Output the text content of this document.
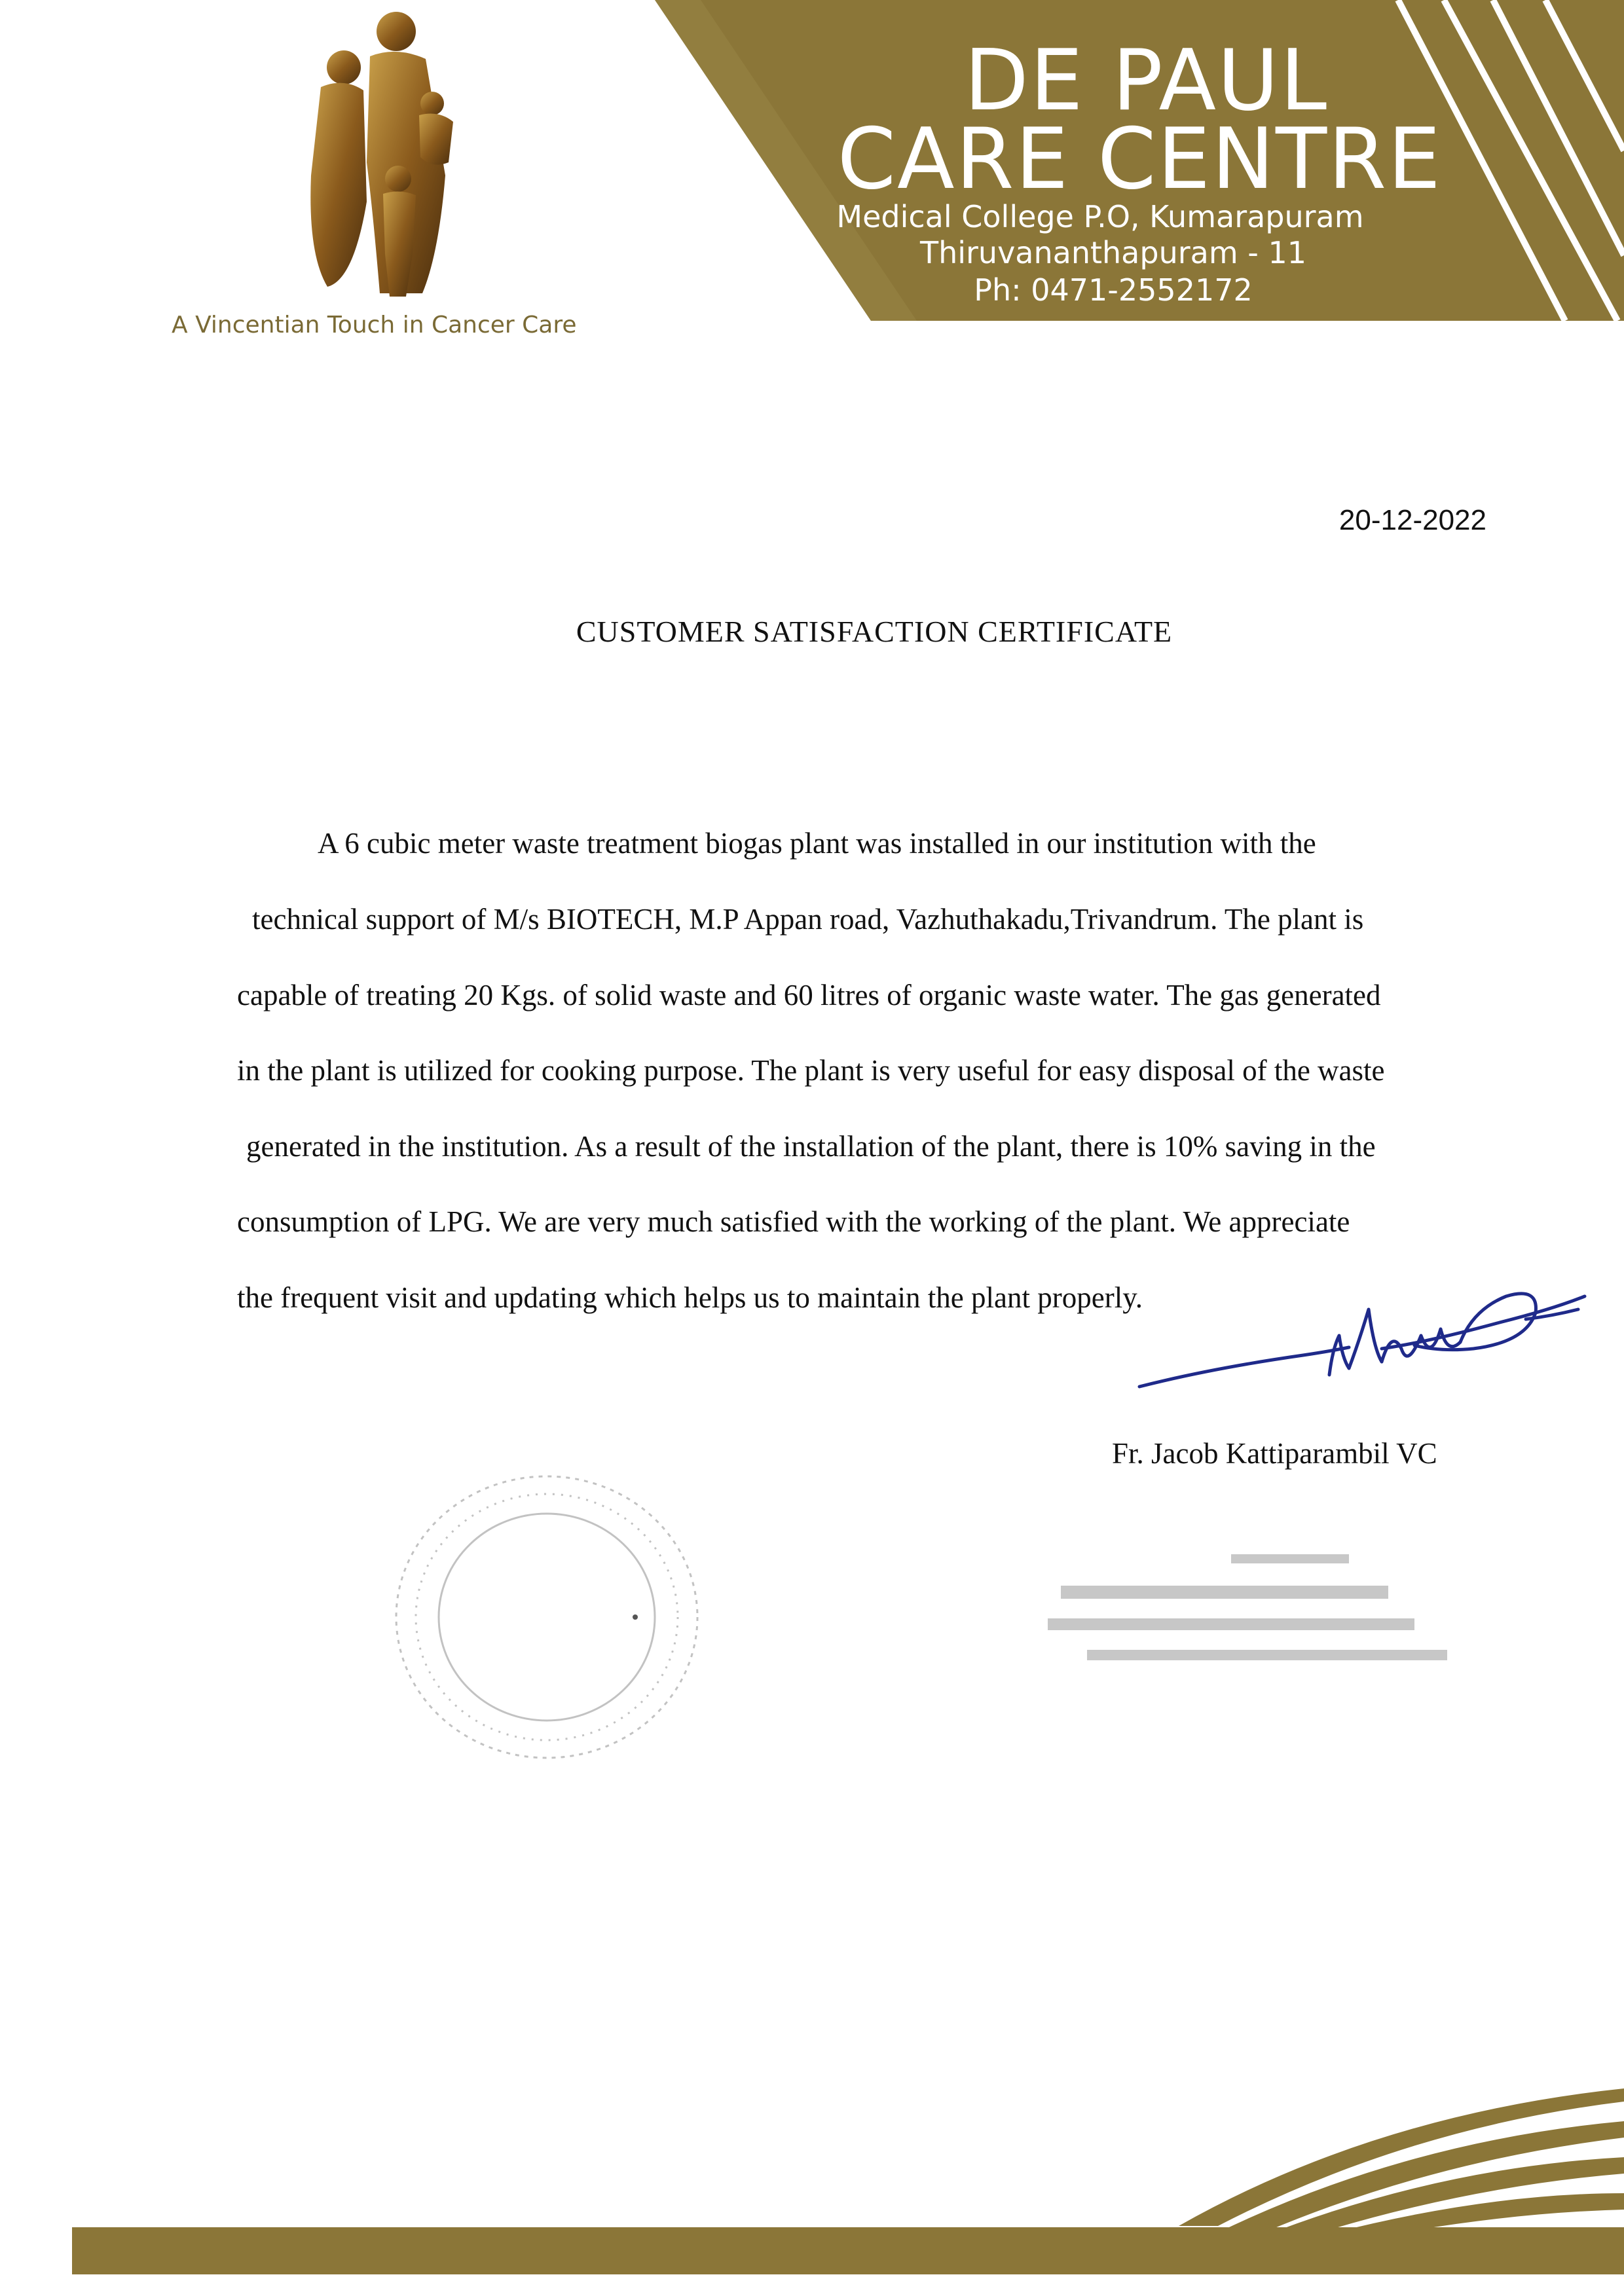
DE PAUL
CARE CENTRE
Medical College P.O, Kumarapuram
Thiruvananthapuram - 11
Ph: 0471-2552172
A Vincentian Touch in Cancer Care
20-12-2022
CUSTOMER SATISFACTION CERTIFICATE
A 6 cubic meter waste treatment biogas plant was installed in our institution with the
technical support of M/s BIOTECH, M.P Appan road, Vazhuthakadu,Trivandrum. The plant is
capable of treating 20 Kgs. of solid waste and 60 litres of organic waste water. The gas generated
in the plant is utilized for cooking purpose. The plant is very useful for easy disposal of the waste
generated in the institution. As a result of the installation of the plant, there is 10% saving in the
consumption of LPG. We are very much satisfied with the working of the plant. We appreciate
the frequent visit and updating which helps us to maintain the plant properly.
Fr. Jacob Kattiparambil VC
